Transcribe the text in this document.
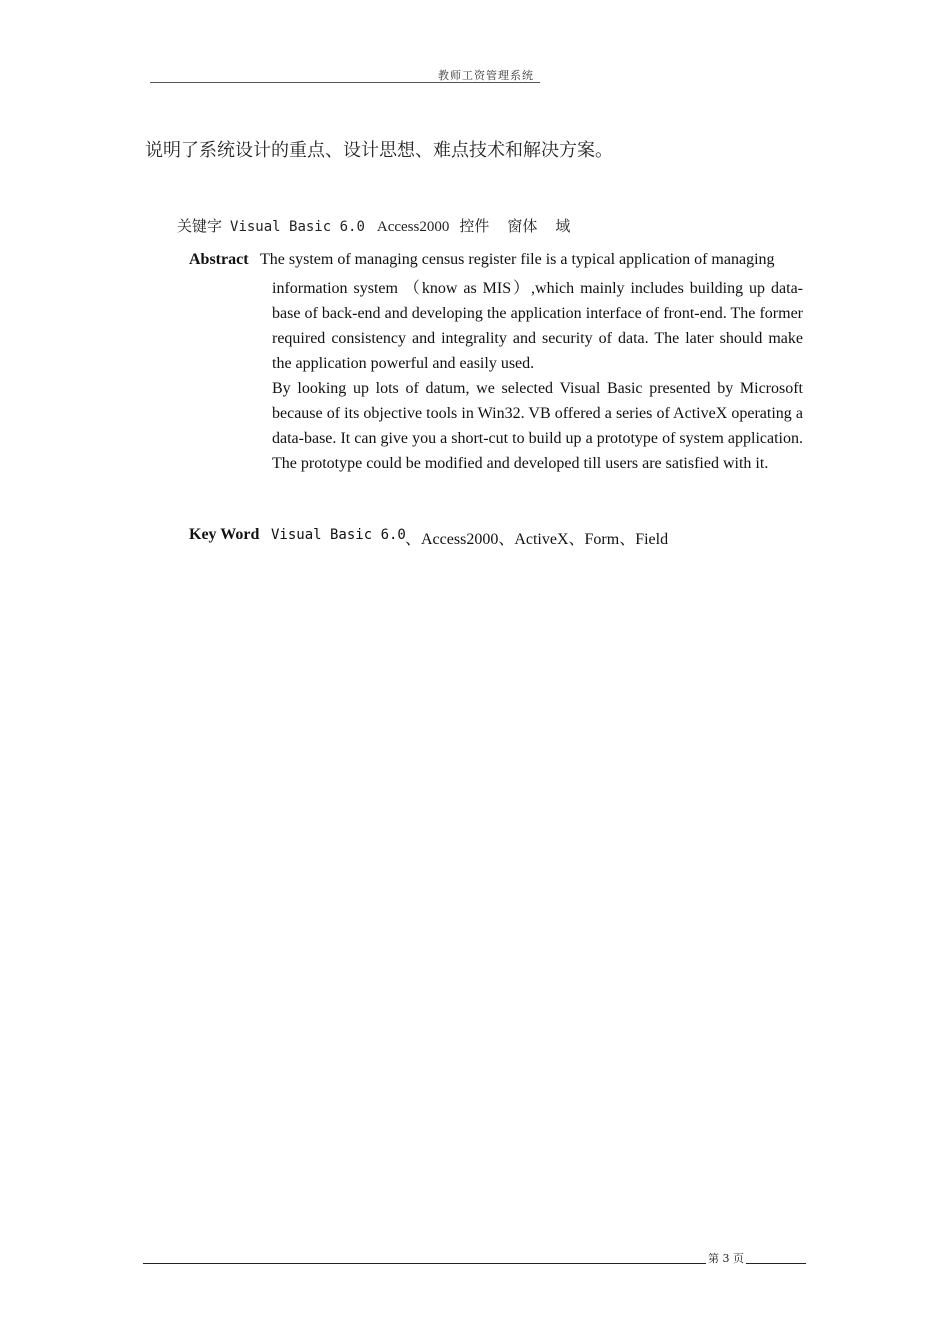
教师工资管理系统
说明了系统设计的重点、设计思想、难点技术和解决方案。
关键字 Visual Basic 6.0 Access2000 控件 窗体 域
Abstract The system of managing census register file is a typical application of managing

information system （know as MIS）,which mainly includes building up data-base of back-end and developing the application interface of front-end. The former required consistency and integrality and security of data. The later should make the application powerful and easily used.

By looking up lots of datum, we selected Visual Basic presented by Microsoft because of its objective tools in Win32. VB offered a series of ActiveX operating a data-base. It can give you a short-cut to build up a prototype of system application. The prototype could be modified and developed till users are satisfied with it.

Key Word Visual Basic 6.0 、Access2000、ActiveX、Form、Field
第 3 页
